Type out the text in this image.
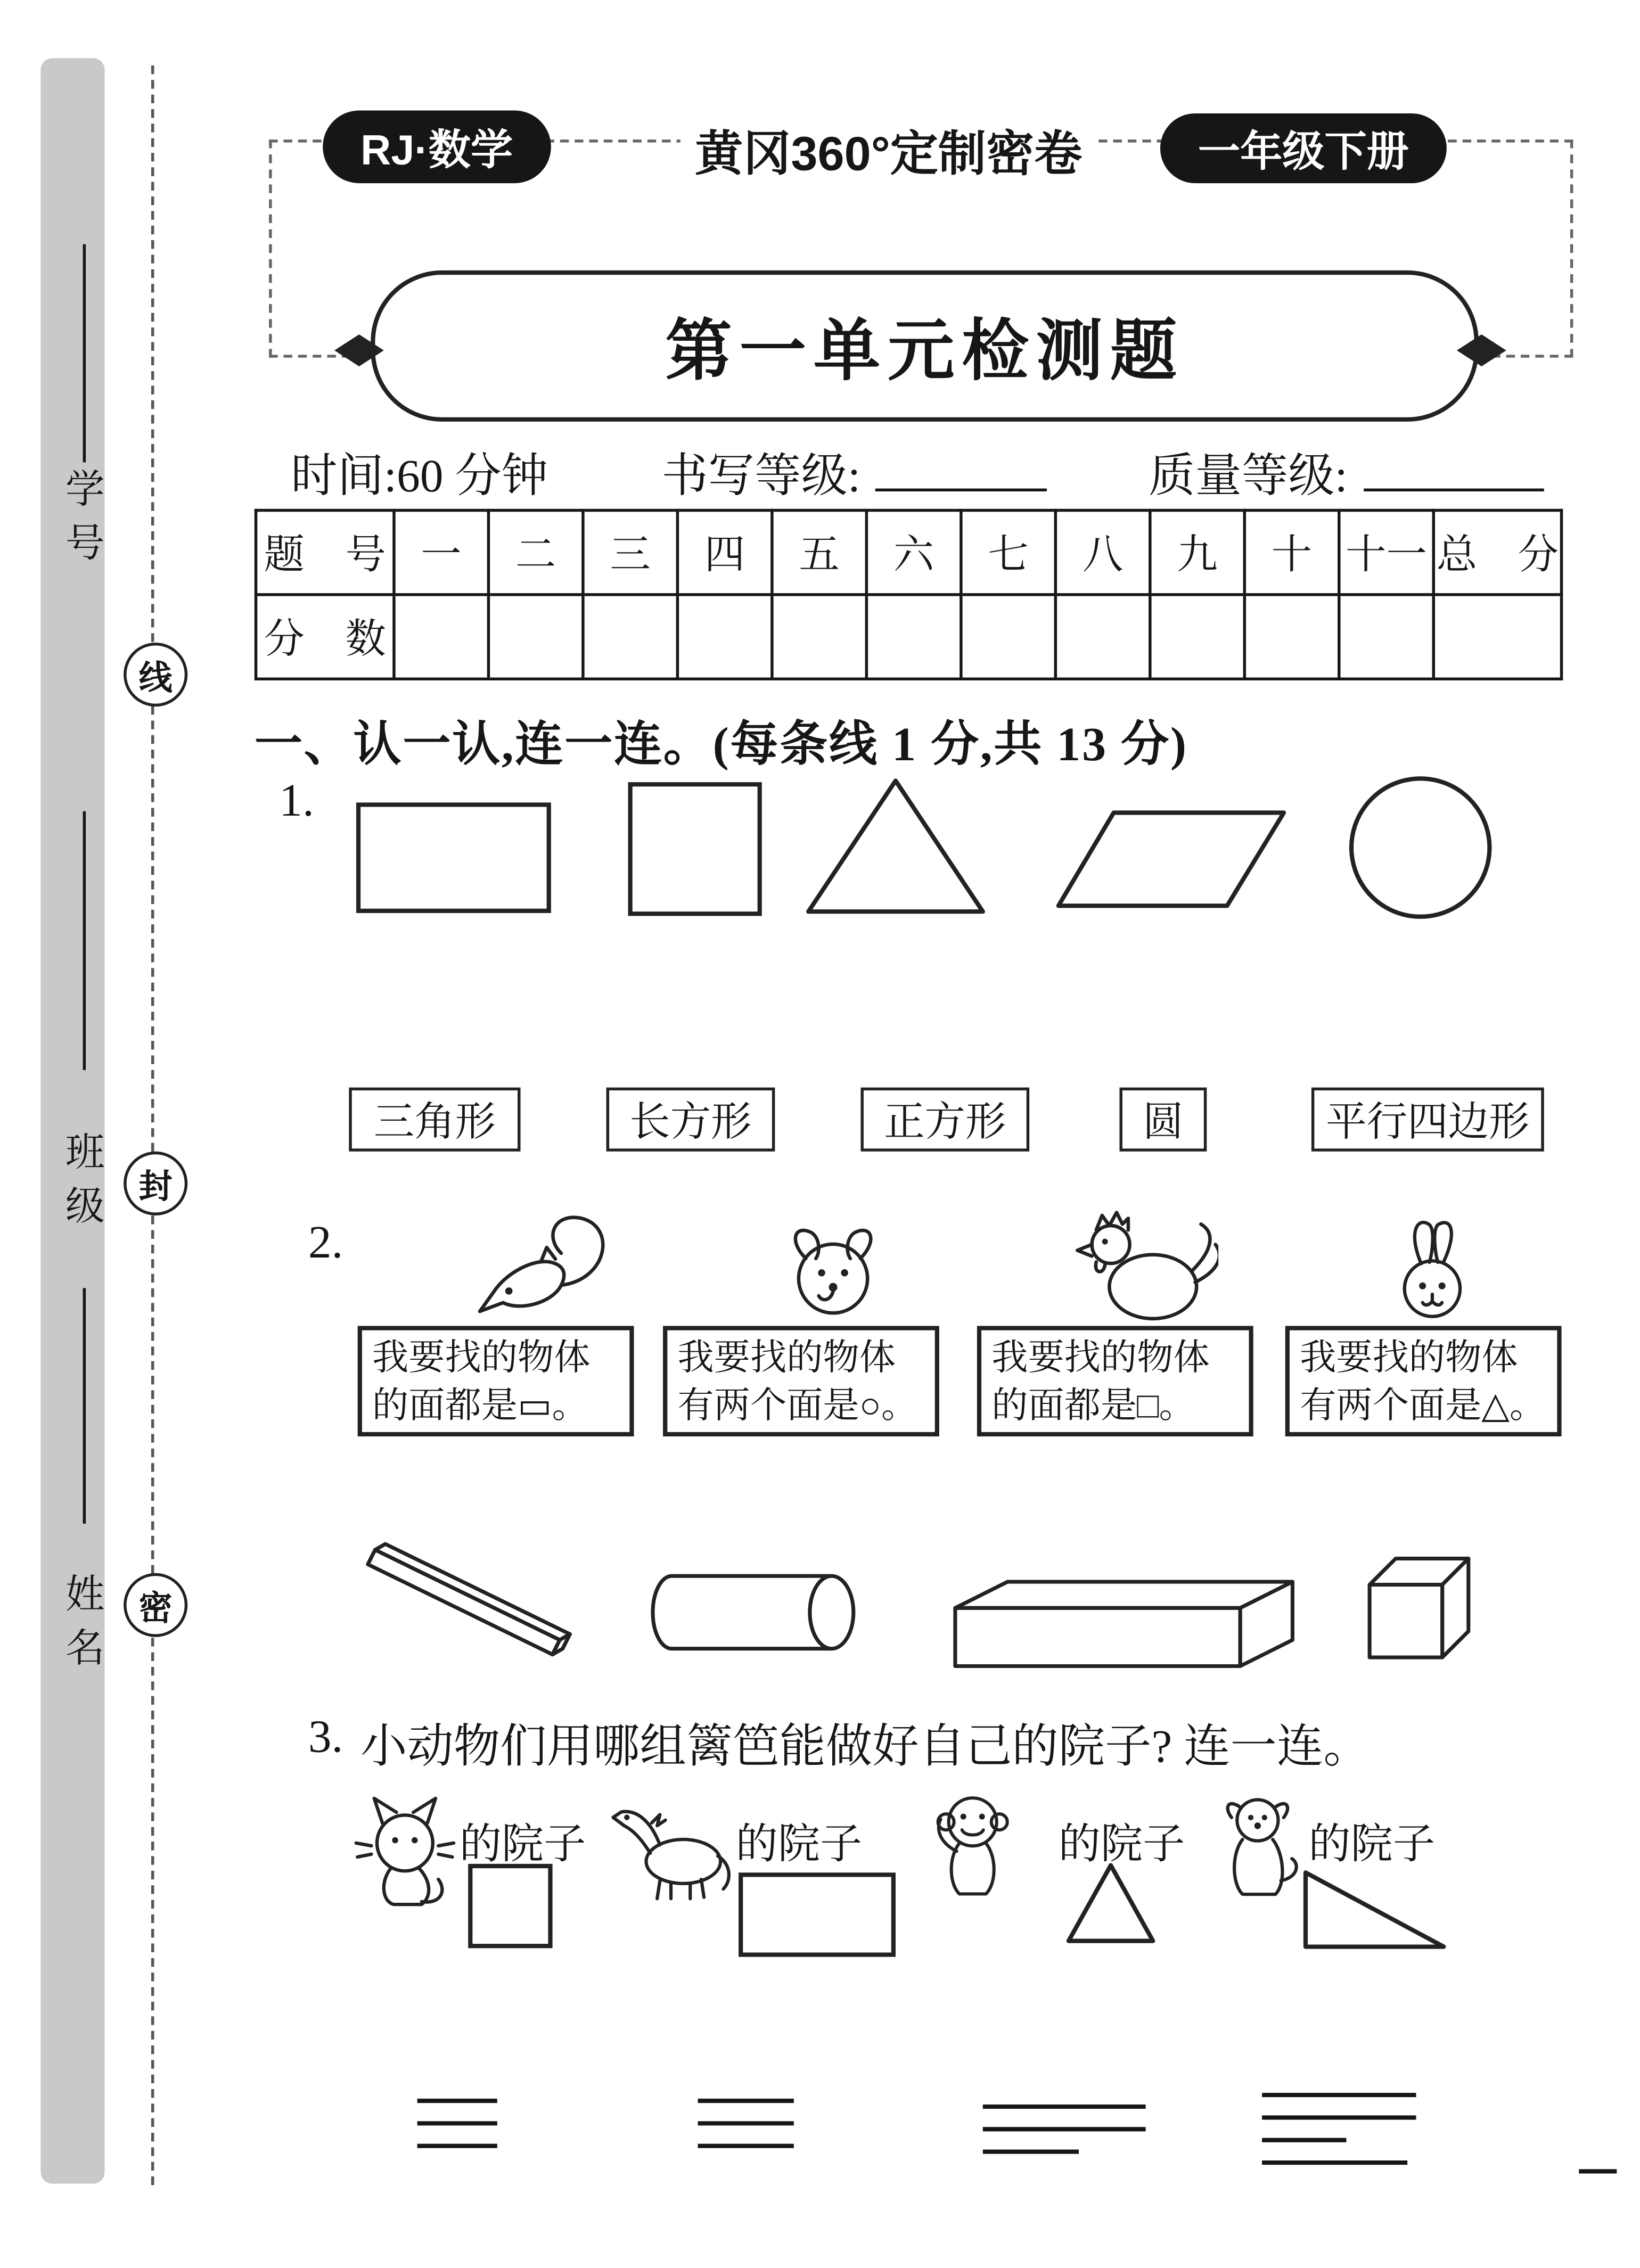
学号
线
班级	封
姓名	密
RJ·数学	黄冈360°定制密卷	一年级下册
第一单元检测题
时间:60 分钟	书写等级:	质量等级:
题　号	一	二	三	四	五	六	七	八	九	十	十一	总　分
分　数												
一、认一认,连一连。(每条线 1 分,共 13 分)
1.
三角形	长方形	正方形	圆	平行四边形
2.
我要找的物体
的面都是▭。
我要找的物体
有两个面是○。
我要找的物体
的面都是□。
我要找的物体
有两个面是△。
3. 小动物们用哪组篱笆能做好自己的院子? 连一连。
的院子	的院子	的院子	的院子
